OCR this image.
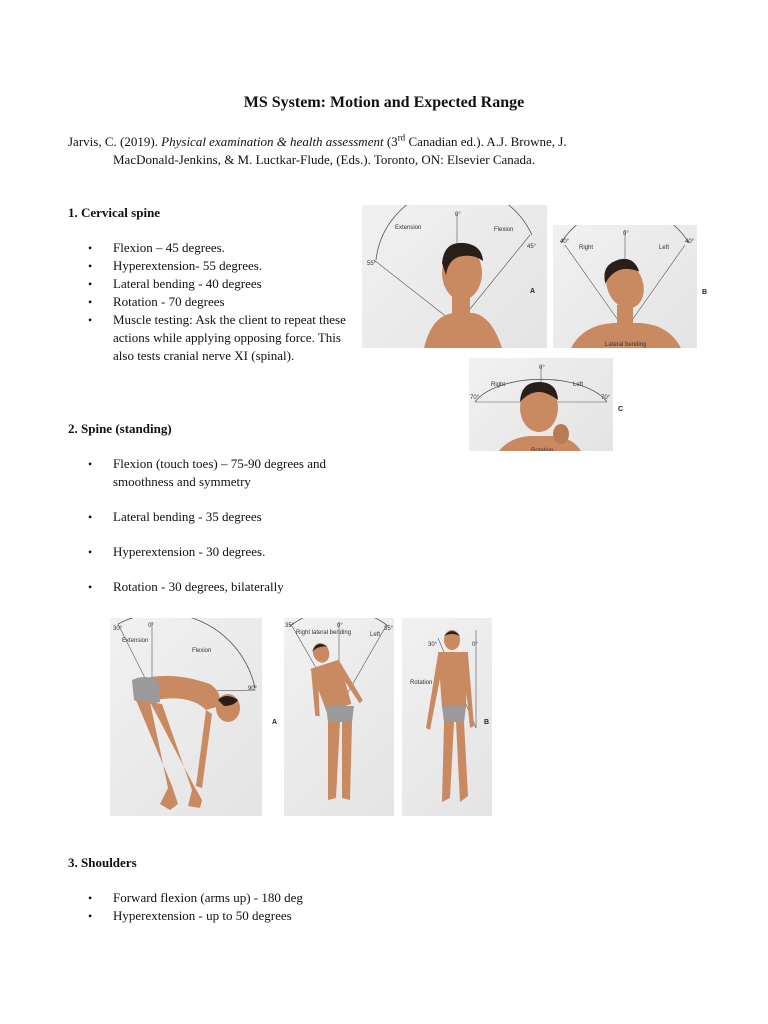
MS System: Motion and Expected Range
Jarvis, C. (2019). Physical examination & health assessment (3rd Canadian ed.). A.J. Browne, J.
MacDonald-Jenkins, & M. Luctkar-Flude, (Eds.). Toronto, ON: Elsevier Canada.
1. Cervical spine
• Flexion – 45 degrees.
• Hyperextension- 55 degrees.
• Lateral bending - 40 degrees
• Rotation - 70 degrees
• Muscle testing: Ask the client to repeat these actions while applying opposing force. This also tests cranial nerve XI (spinal).
2. Spine (standing)
• Flexion (touch toes) – 75-90 degrees and smoothness and symmetry
• Lateral bending - 35 degrees
• Hyperextension - 30 degrees.
• Rotation - 30 degrees, bilaterally
3. Shoulders
• Forward flexion (arms up) - 180 deg
• Hyperextension - up to 50 degrees
Extension	Flexion
0°
55°
45°
A
40°
Right
0°
Left
40°
Lateral bending
B
0°
Right	Left
70°	70°
Rotation
C
30°	0°
Extension
Flexion
90°
A
35°
Right lateral bending
0°
Left
35°
30°	0°
Rotation
B
